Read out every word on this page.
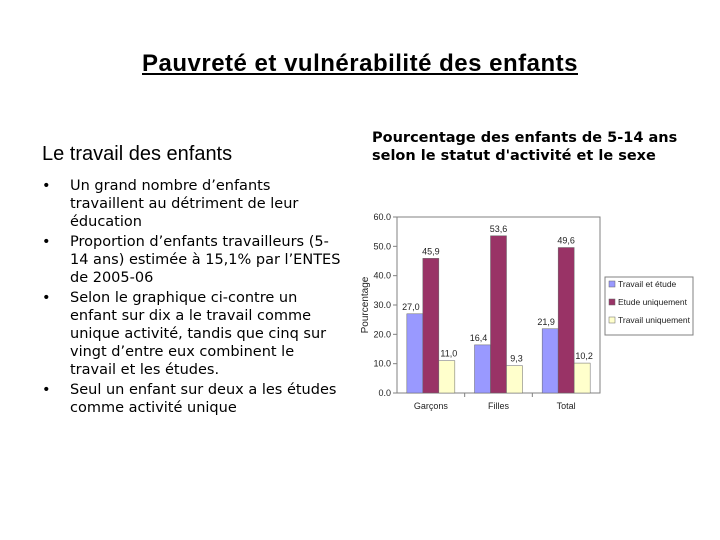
Pauvreté et vulnérabilité des enfants
Le travail des enfants
• Un grand nombre d’enfants travaillent au détriment de leur éducation
• Proportion d’enfants travailleurs (5-14 ans) estimée à 15,1% par l’ENTES de 2005-06
• Selon le graphique ci-contre un enfant sur dix a le travail comme unique activité, tandis que cinq sur vingt d’entre eux combinent le travail et les études.
• Seul un enfant sur deux a les études comme activité unique
Pourcentage des enfants de 5-14 ans selon le statut d'activité et le sexe
0.0
10.0
20.0
30.0
40.0
50.0
60.0
Pourcentage	27,0
45,9
11,0
Garçons
16,4
53,6
9,3
Filles
21,9
49,6
10,2
Total
Travail et étude
Etude uniquement
Travail uniquement
